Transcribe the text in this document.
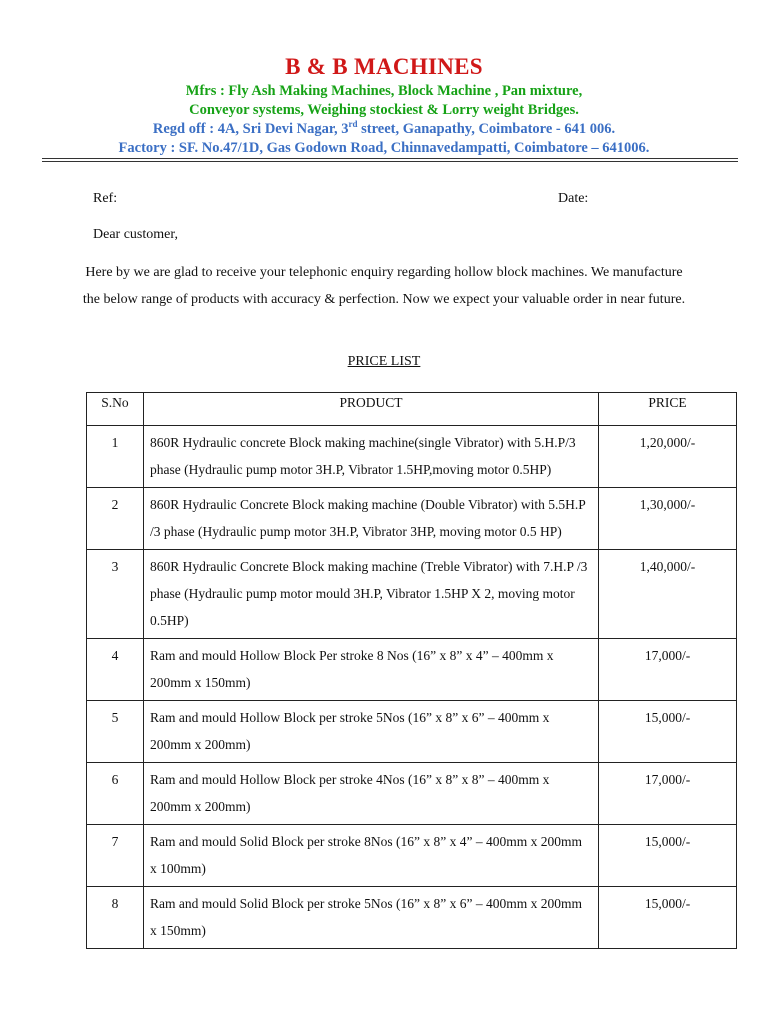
B & B MACHINES
Mfrs : Fly Ash Making Machines, Block Machine , Pan mixture,
Conveyor systems, Weighing stockiest & Lorry weight Bridges.
Regd off : 4A, Sri Devi Nagar, 3rd street, Ganapathy, Coimbatore - 641 006.
Factory : SF. No.47/1D, Gas Godown Road, Chinnavedampatti, Coimbatore – 641006.
Ref:	Date:
Dear customer,
Here by we are glad to receive your telephonic enquiry regarding hollow block machines. We manufacture the below range of products with accuracy & perfection. Now we expect your valuable order in near future.
PRICE LIST
S.No	PRODUCT	PRICE
1	860R Hydraulic concrete Block making machine(single Vibrator) with 5.H.P/3 phase (Hydraulic pump motor 3H.P, Vibrator 1.5HP,moving motor 0.5HP)	1,20,000/-
2	860R Hydraulic Concrete Block making machine (Double Vibrator) with 5.5H.P /3 phase (Hydraulic pump motor 3H.P, Vibrator 3HP, moving motor 0.5 HP)	1,30,000/-
3	860R Hydraulic Concrete Block making machine (Treble Vibrator) with 7.H.P /3 phase (Hydraulic pump motor mould 3H.P, Vibrator 1.5HP X 2, moving motor 0.5HP)	1,40,000/-
4	Ram and mould Hollow Block Per stroke 8 Nos (16” x 8” x 4” – 400mm x 200mm x 150mm)	17,000/-
5	Ram and mould Hollow Block per stroke 5Nos (16” x 8” x 6” – 400mm x 200mm x 200mm)	15,000/-
6	Ram and mould Hollow Block per stroke 4Nos (16” x 8” x 8” – 400mm x 200mm x 200mm)	17,000/-
7	Ram and mould Solid Block per stroke 8Nos (16” x 8” x 4” – 400mm x 200mm x 100mm)	15,000/-
8	Ram and mould Solid Block per stroke 5Nos (16” x 8” x 6” – 400mm x 200mm x 150mm)	15,000/-
